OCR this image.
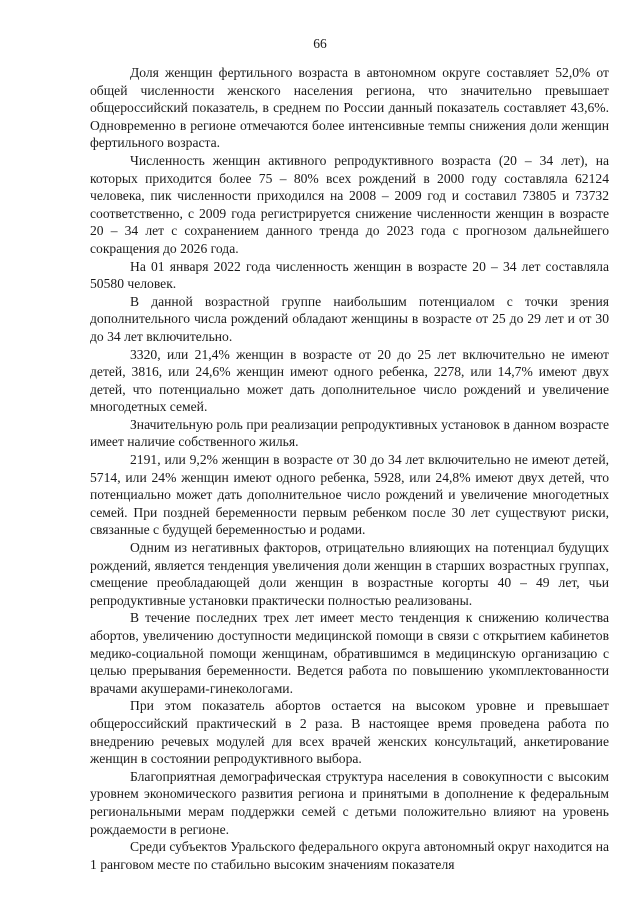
66

Доля женщин фертильного возраста в автономном округе составляет 52,0% от общей численности женского населения региона, что значительно превышает общероссийский показатель, в среднем по России данный показатель составляет 43,6%. Одновременно в регионе отмечаются более интенсивные темпы снижения доли женщин фертильного возраста.

Численность женщин активного репродуктивного возраста (20 – 34 лет), на которых приходится более 75 – 80% всех рождений в 2000 году составляла 62124 человека, пик численности приходился на 2008 – 2009 год и составил 73805 и 73732 соответственно, с 2009 года регистрируется снижение численности женщин в возрасте 20 – 34 лет с сохранением данного тренда до 2023 года с прогнозом дальнейшего сокращения до 2026 года.

На 01 января 2022 года численность женщин в возрасте 20 – 34 лет составляла 50580 человек.

В данной возрастной группе наибольшим потенциалом с точки зрения дополнительного числа рождений обладают женщины в возрасте от 25 до 29 лет и от 30 до 34 лет включительно.

3320, или 21,4% женщин в возрасте от 20 до 25 лет включительно не имеют детей, 3816, или 24,6% женщин имеют одного ребенка, 2278, или 14,7% имеют двух детей, что потенциально может дать дополнительное число рождений и увеличение многодетных семей.

Значительную роль при реализации репродуктивных установок в данном возрасте имеет наличие собственного жилья.

2191, или 9,2% женщин в возрасте от 30 до 34 лет включительно не имеют детей, 5714, или 24% женщин имеют одного ребенка, 5928, или 24,8% имеют двух детей, что потенциально может дать дополнительное число рождений и увеличение многодетных семей. При поздней беременности первым ребенком после 30 лет существуют риски, связанные с будущей беременностью и родами.

Одним из негативных факторов, отрицательно влияющих на потенциал будущих рождений, является тенденция увеличения доли женщин в старших возрастных группах, смещение преобладающей доли женщин в возрастные когорты 40 – 49 лет, чьи репродуктивные установки практически полностью реализованы.

В течение последних трех лет имеет место тенденция к снижению количества абортов, увеличению доступности медицинской помощи в связи с открытием кабинетов медико-социальной помощи женщинам, обратившимся в медицинскую организацию с целью прерывания беременности. Ведется работа по повышению укомплектованности врачами акушерами-гинекологами.

При этом показатель абортов остается на высоком уровне и превышает общероссийский практический в 2 раза. В настоящее время проведена работа по внедрению речевых модулей для всех врачей женских консультаций, анкетирование женщин в состоянии репродуктивного выбора.

Благоприятная демографическая структура населения в совокупности с высоким уровнем экономического развития региона и принятыми в дополнение к федеральным региональными мерам поддержки семей с детьми положительно влияют на уровень рождаемости в регионе.

Среди субъектов Уральского федерального округа автономный округ находится на 1 ранговом месте по стабильно высоким значениям показателя
